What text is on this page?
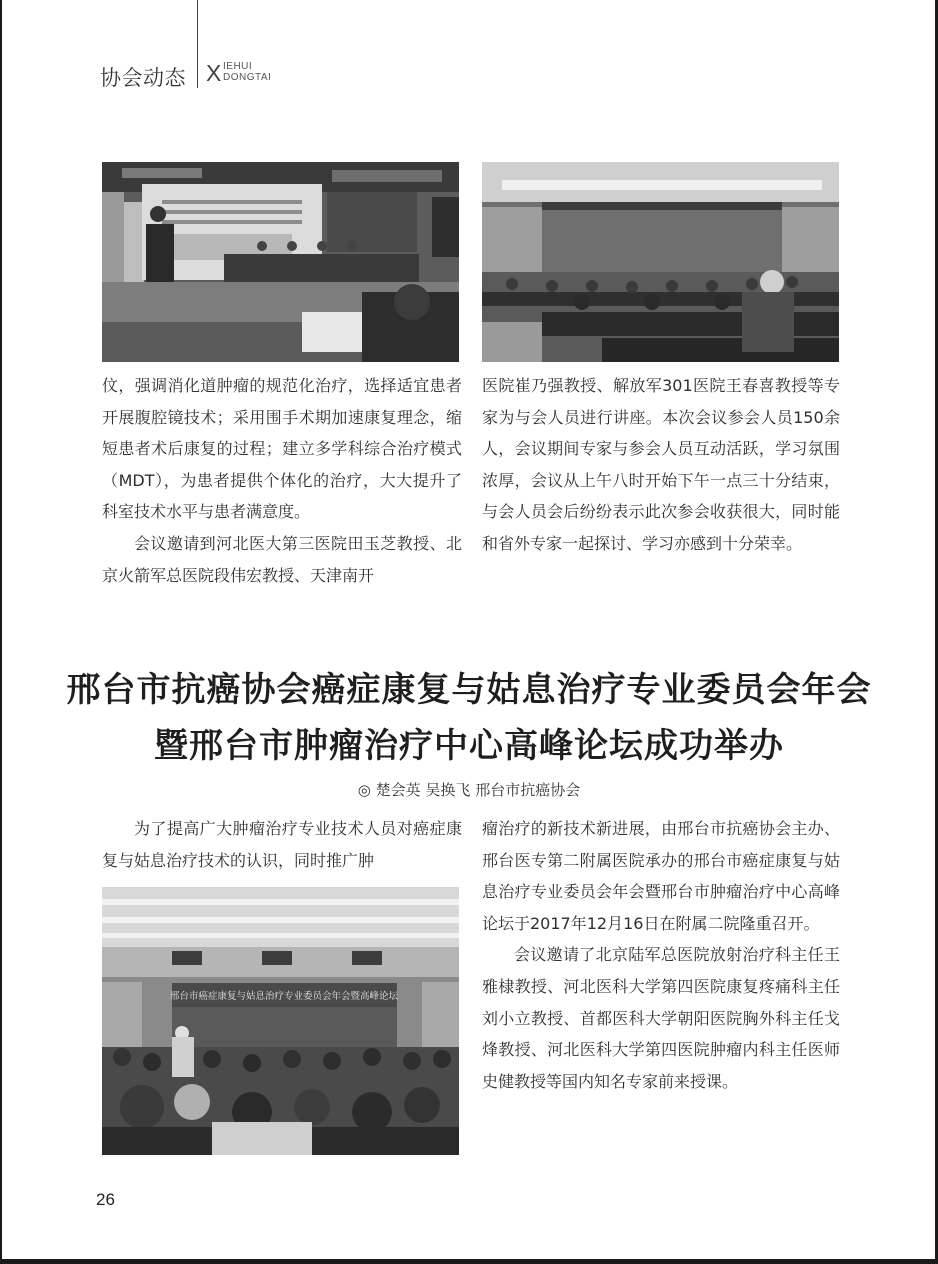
协会动态 X IEHUI
DONGTAI

伩，强调消化道肿瘤的规范化治疗，选择适宜患者开展腹腔镜技术；采用围手术期加速康复理念，缩短患者术后康复的过程；建立多学科综合治疗模式（MDT），为患者提供个体化的治疗，大大提升了科室技术水平与患者满意度。

会议邀请到河北医大第三医院田玉芝教授、北京火箭军总医院段伟宏教授、天津南开

医院崔乃强教授、解放军301医院王春喜教授等专家为与会人员进行讲座。本次会议参会人员150余人，会议期间专家与参会人员互动活跃，学习氛围浓厚，会议从上午八时开始下午一点三十分结束，与会人员会后纷纷表示此次参会收获很大，同时能和省外专家一起探讨、学习亦感到十分荣幸。

邢台市抗癌协会癌症康复与姑息治疗专业委员会年会
暨邢台市肿瘤治疗中心高峰论坛成功举办
◎ 楚会英 吴换飞 邢台市抗癌协会

为了提高广大肿瘤治疗专业技术人员对癌症康复与姑息治疗技术的认识，同时推广肿

邢台市癌症康复与姑息治疗专业委员会年会暨高峰论坛

瘤治疗的新技术新进展，由邢台市抗癌协会主办、邢台医专第二附属医院承办的邢台市癌症康复与姑息治疗专业委员会年会暨邢台市肿瘤治疗中心高峰论坛于2017年12月16日在附属二院隆重召开。

会议邀请了北京陆军总医院放射治疗科主任王雅棣教授、河北医科大学第四医院康复疼痛科主任刘小立教授、首都医科大学朝阳医院胸外科主任戈烽教授、河北医科大学第四医院肿瘤内科主任医师史健教授等国内知名专家前来授课。

26
